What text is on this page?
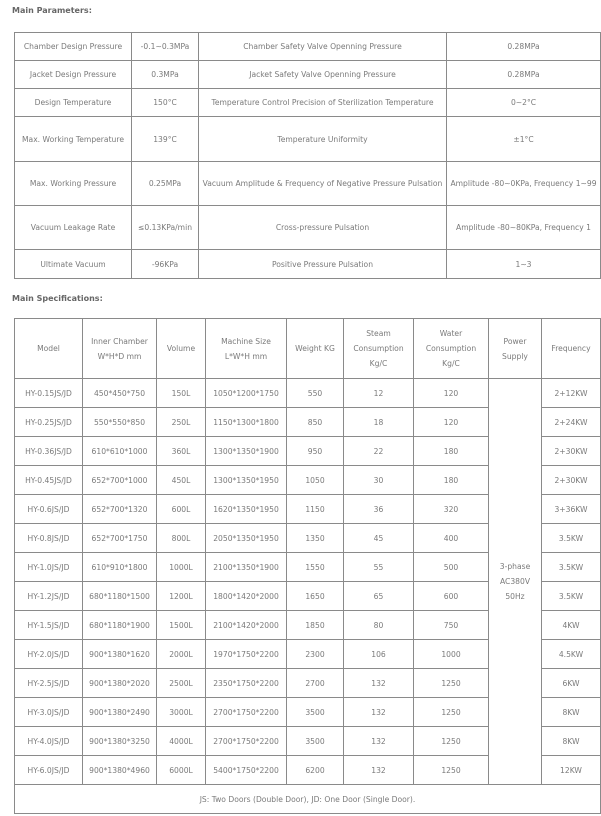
Main Parameters:
Chamber Design Pressure	-0.1~0.3MPa	Chamber Safety Valve Openning Pressure	0.28MPa
Jacket Design Pressure	0.3MPa	Jacket Safety Valve Openning Pressure	0.28MPa
Design Temperature	150°C	Temperature Control Precision of Sterilization Temperature	0~2°C
Max. Working Temperature	139°C	Temperature Uniformity	±1°C
Max. Working Pressure	0.25MPa	Vacuum Amplitude & Frequency of Negative Pressure Pulsation	Amplitude -80~0KPa, Frequency 1~99
Vacuum Leakage Rate	≤0.13KPa/min	Cross-pressure Pulsation	Amplitude -80~80KPa, Frequency 1
Ultimate Vacuum	-96KPa	Positive Pressure Pulsation	1~3
Main Specifications:
Model	Inner Chamber W*H*D mm	Volume	Machine Size L*W*H mm	Weight KG	Steam Consumption Kg/C	Water Consumption Kg/C	Power Supply	Frequency
HY-0.15JS/JD	450*450*750	150L	1050*1200*1750	550	12	120	3-phase AC380V 50Hz	2+12KW
HY-0.25JS/JD	550*550*850	250L	1150*1300*1800	850	18	120		2+24KW
HY-0.36JS/JD	610*610*1000	360L	1300*1350*1900	950	22	180		2+30KW
HY-0.45JS/JD	652*700*1000	450L	1300*1350*1950	1050	30	180		2+30KW
HY-0.6JS/JD	652*700*1320	600L	1620*1350*1950	1150	36	320		3+36KW
HY-0.8JS/JD	652*700*1750	800L	2050*1350*1950	1350	45	400		3.5KW
HY-1.0JS/JD	610*910*1800	1000L	2100*1350*1900	1550	55	500		3.5KW
HY-1.2JS/JD	680*1180*1500	1200L	1800*1420*2000	1650	65	600		3.5KW
HY-1.5JS/JD	680*1180*1900	1500L	2100*1420*2000	1850	80	750		4KW
HY-2.0JS/JD	900*1380*1620	2000L	1970*1750*2200	2300	106	1000		4.5KW
HY-2.5JS/JD	900*1380*2020	2500L	2350*1750*2200	2700	132	1250		6KW
HY-3.0JS/JD	900*1380*2490	3000L	2700*1750*2200	3500	132	1250		8KW
HY-4.0JS/JD	900*1380*3250	4000L	2700*1750*2200	3500	132	1250		8KW
HY-6.0JS/JD	900*1380*4960	6000L	5400*1750*2200	6200	132	1250		12KW
JS: Two Doors (Double Door), JD: One Door (Single Door).								
